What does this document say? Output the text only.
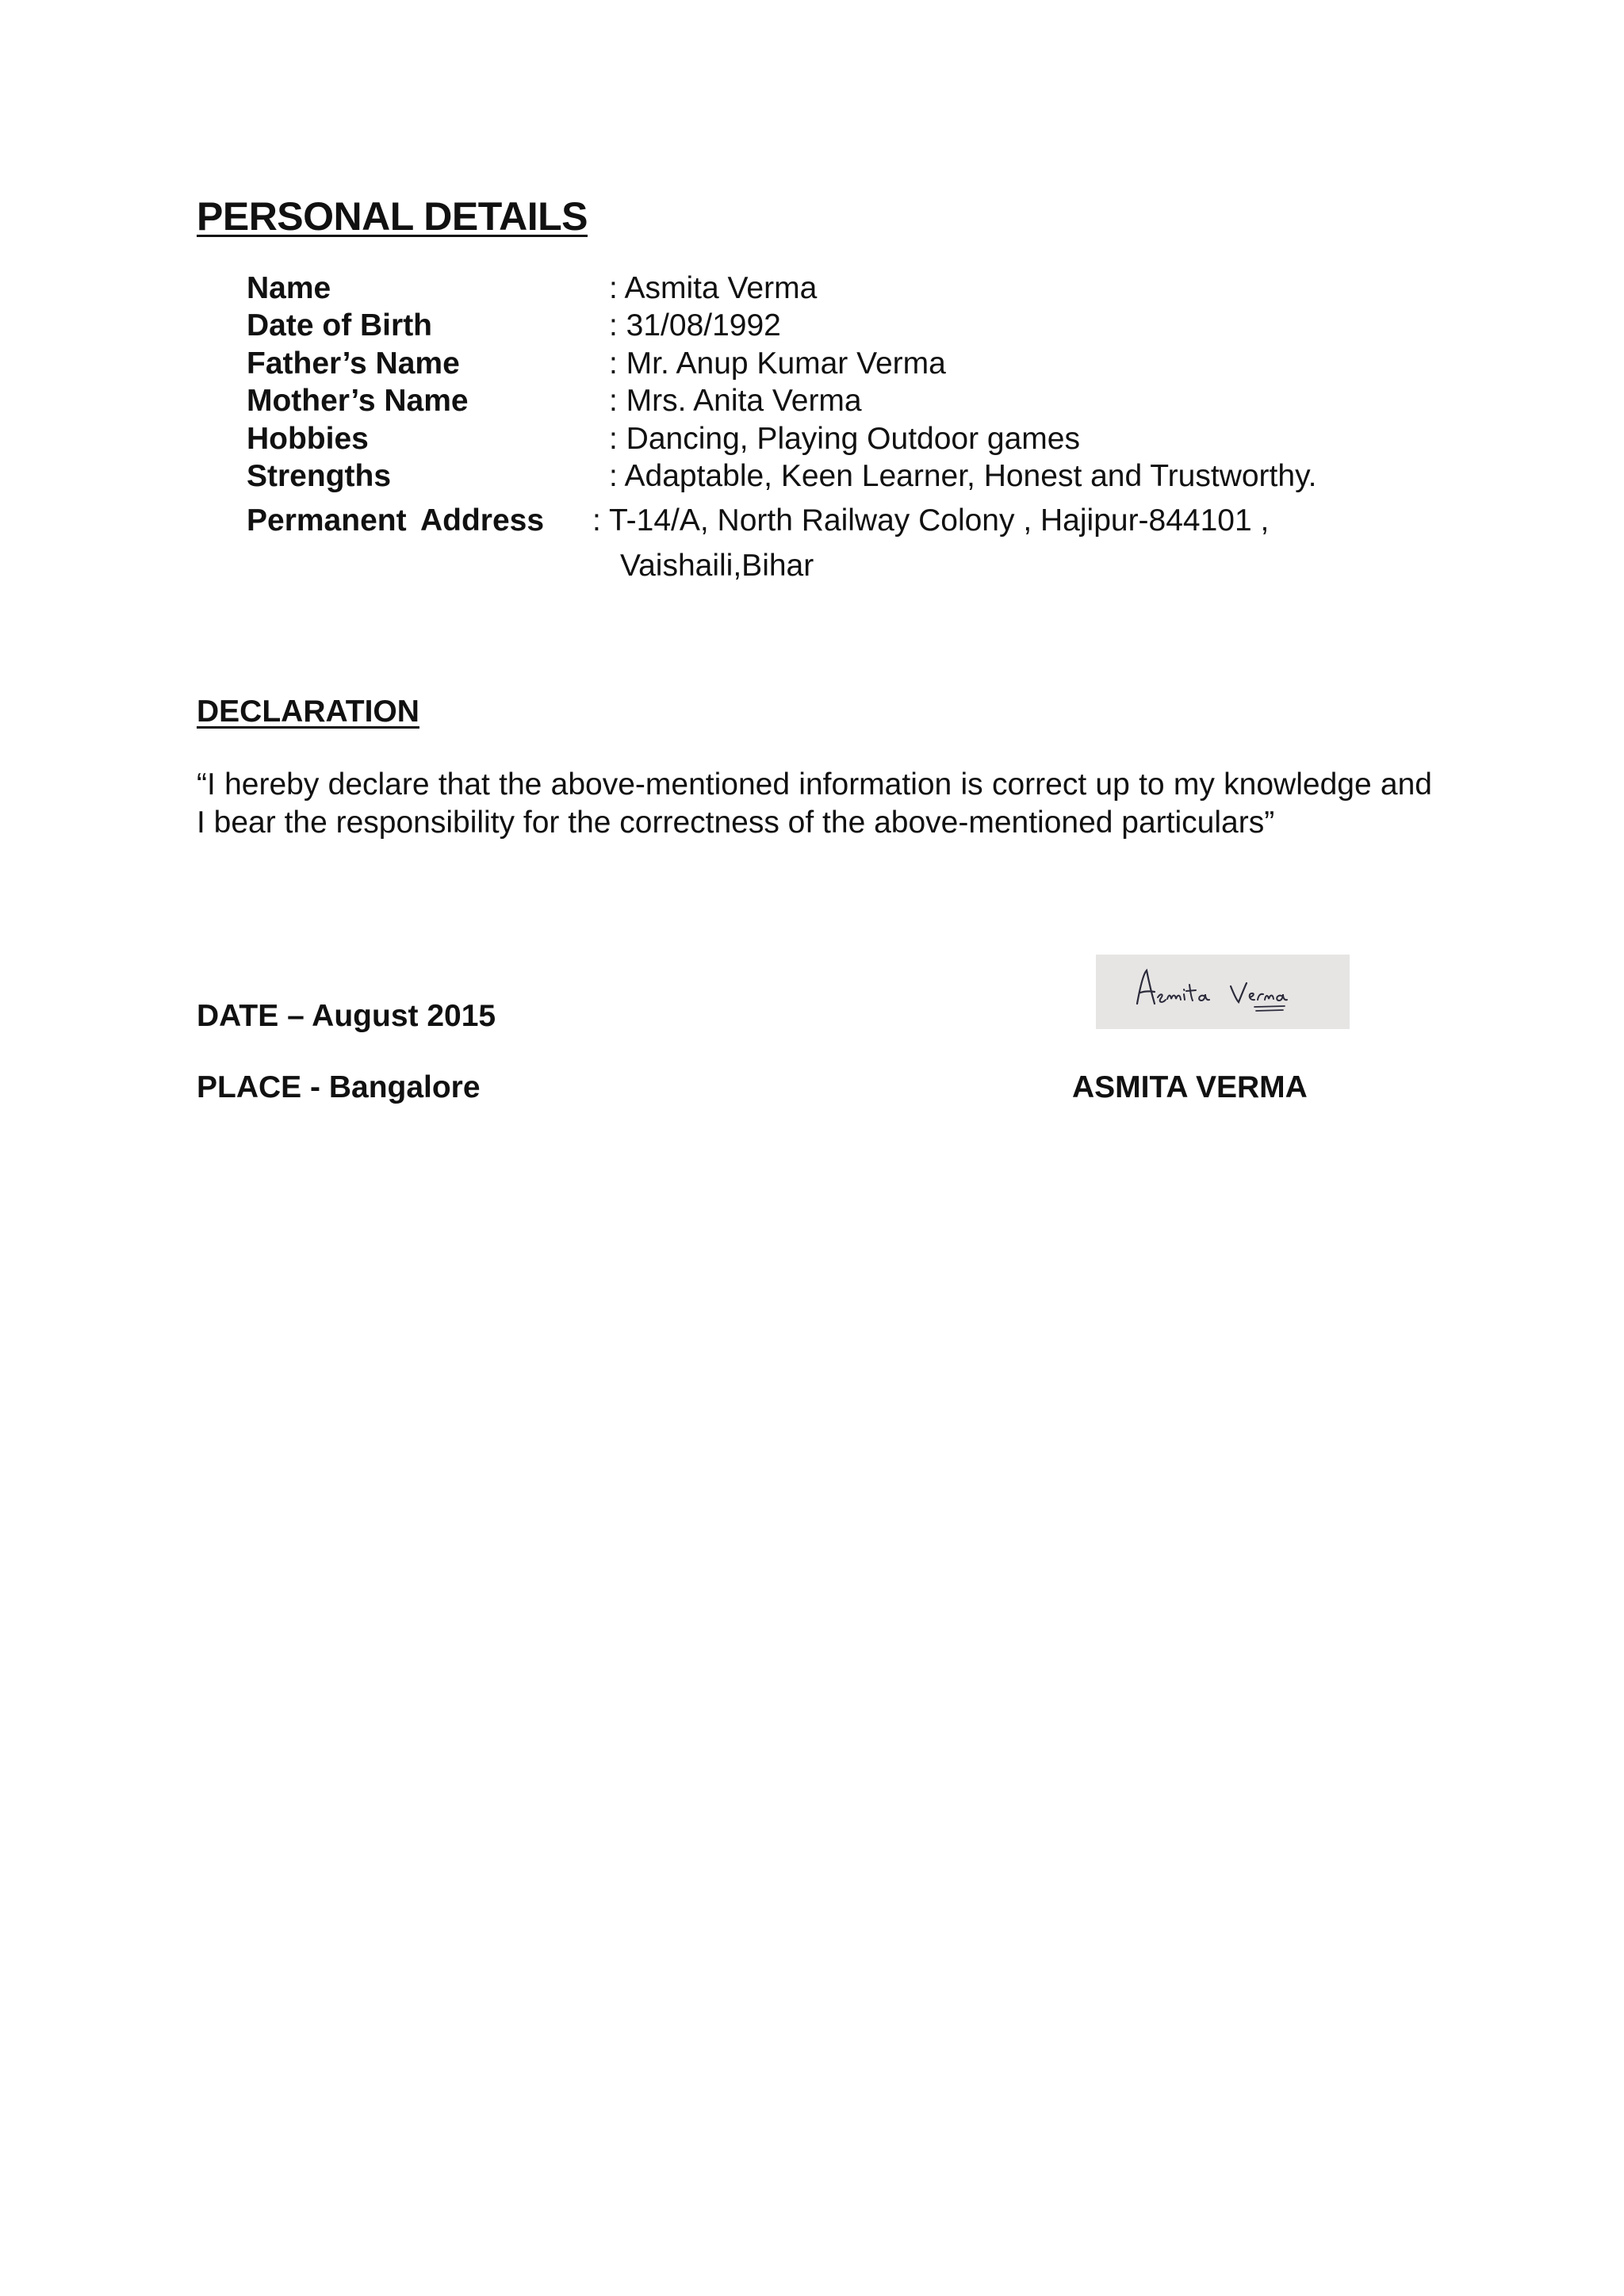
PERSONAL DETAILS
Name	: Asmita Verma
Date of Birth	: 31/08/1992
Father’s Name	: Mr. Anup Kumar Verma
Mother’s Name	: Mrs. Anita Verma
Hobbies	: Dancing, Playing Outdoor games
Strengths	: Adaptable, Keen Learner, Honest and Trustworthy.
Permanent Address : T-14/A, North Railway Colony , Hajipur-844101 ,
Vaishaili,Bihar
DECLARATION

“I hereby declare that the above-mentioned information is correct up to my knowledge and I bear the responsibility for the correctness of the above-mentioned particulars”

DATE – August 2015
PLACE - Bangalore	ASMITA VERMA
